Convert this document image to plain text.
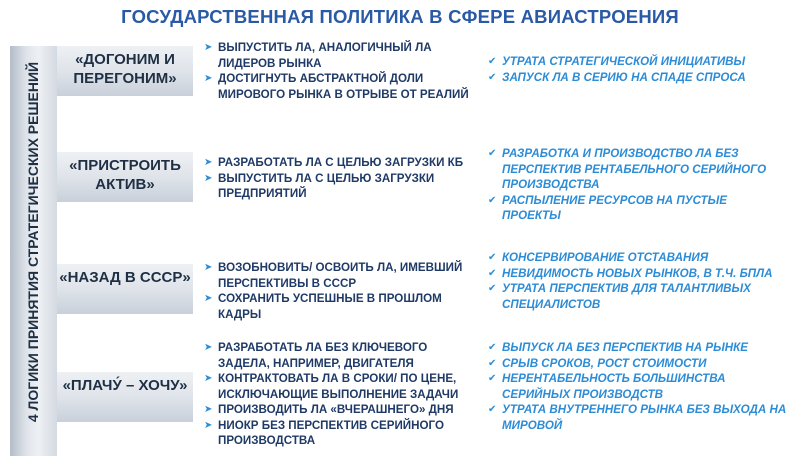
ГОСУДАРСТВЕННАЯ ПОЛИТИКА В СФЕРЕ АВИАСТРОЕНИЯ
4 ЛОГИКИ ПРИНЯТИЯ СТРАТЕГИЧЕСКИХ РЕШЕНИЙ
«ДОГОНИМ И ПЕРЕГОНИМ»
➤ ВЫПУСТИТЬ ЛА, АНАЛОГИЧНЫЙ ЛА ЛИДЕРОВ РЫНКА
➤ ДОСТИГНУТЬ АБСТРАКТНОЙ ДОЛИ МИРОВОГО РЫНКА В ОТРЫВЕ ОТ РЕАЛИЙ
✔ УТРАТА СТРАТЕГИЧЕСКОЙ ИНИЦИАТИВЫ
✔ ЗАПУСК ЛА В СЕРИЮ НА СПАДЕ СПРОСА
«ПРИСТРОИТЬ АКТИВ»
➤ РАЗРАБОТАТЬ ЛА С ЦЕЛЬЮ ЗАГРУЗКИ КБ
➤ ВЫПУСТИТЬ ЛА С ЦЕЛЬЮ ЗАГРУЗКИ ПРЕДПРИЯТИЙ
✔ РАЗРАБОТКА И ПРОИЗВОДСТВО ЛА БЕЗ ПЕРСПЕКТИВ РЕНТАБЕЛЬНОГО СЕРИЙНОГО ПРОИЗВОДСТВА
✔ РАСПЫЛЕНИЕ РЕСУРСОВ НА ПУСТЫЕ ПРОЕКТЫ
«НАЗАД В СССР»
➤ ВОЗОБНОВИТЬ/ ОСВОИТЬ ЛА, ИМЕВШИЙ ПЕРСПЕКТИВЫ В СССР
➤ СОХРАНИТЬ УСПЕШНЫЕ В ПРОШЛОМ КАДРЫ
✔ КОНСЕРВИРОВАНИЕ ОТСТАВАНИЯ
✔ НЕВИДИМОСТЬ НОВЫХ РЫНКОВ, В Т.Ч. БПЛА
✔ УТРАТА ПЕРСПЕКТИВ ДЛЯ ТАЛАНТЛИВЫХ СПЕЦИАЛИСТОВ
«ПЛАЧУ́ – ХОЧУ»
➤ РАЗРАБОТАТЬ ЛА БЕЗ КЛЮЧЕВОГО ЗАДЕЛА, НАПРИМЕР, ДВИГАТЕЛЯ
➤ КОНТРАКТОВАТЬ ЛА В СРОКИ/ ПО ЦЕНЕ, ИСКЛЮЧАЮЩИЕ ВЫПОЛНЕНИЕ ЗАДАЧИ
➤ ПРОИЗВОДИТЬ ЛА «ВЧЕРАШНЕГО» ДНЯ
➤ НИОКР БЕЗ ПЕРСПЕКТИВ СЕРИЙНОГО ПРОИЗВОДСТВА
✔ ВЫПУСК ЛА БЕЗ ПЕРСПЕКТИВ НА РЫНКЕ
✔ СРЫВ СРОКОВ, РОСТ СТОИМОСТИ
✔ НЕРЕНТАБЕЛЬНОСТЬ БОЛЬШИНСТВА СЕРИЙНЫХ ПРОИЗВОДСТВ
✔ УТРАТА ВНУТРЕННЕГО РЫНКА БЕЗ ВЫХОДА НА МИРОВОЙ
